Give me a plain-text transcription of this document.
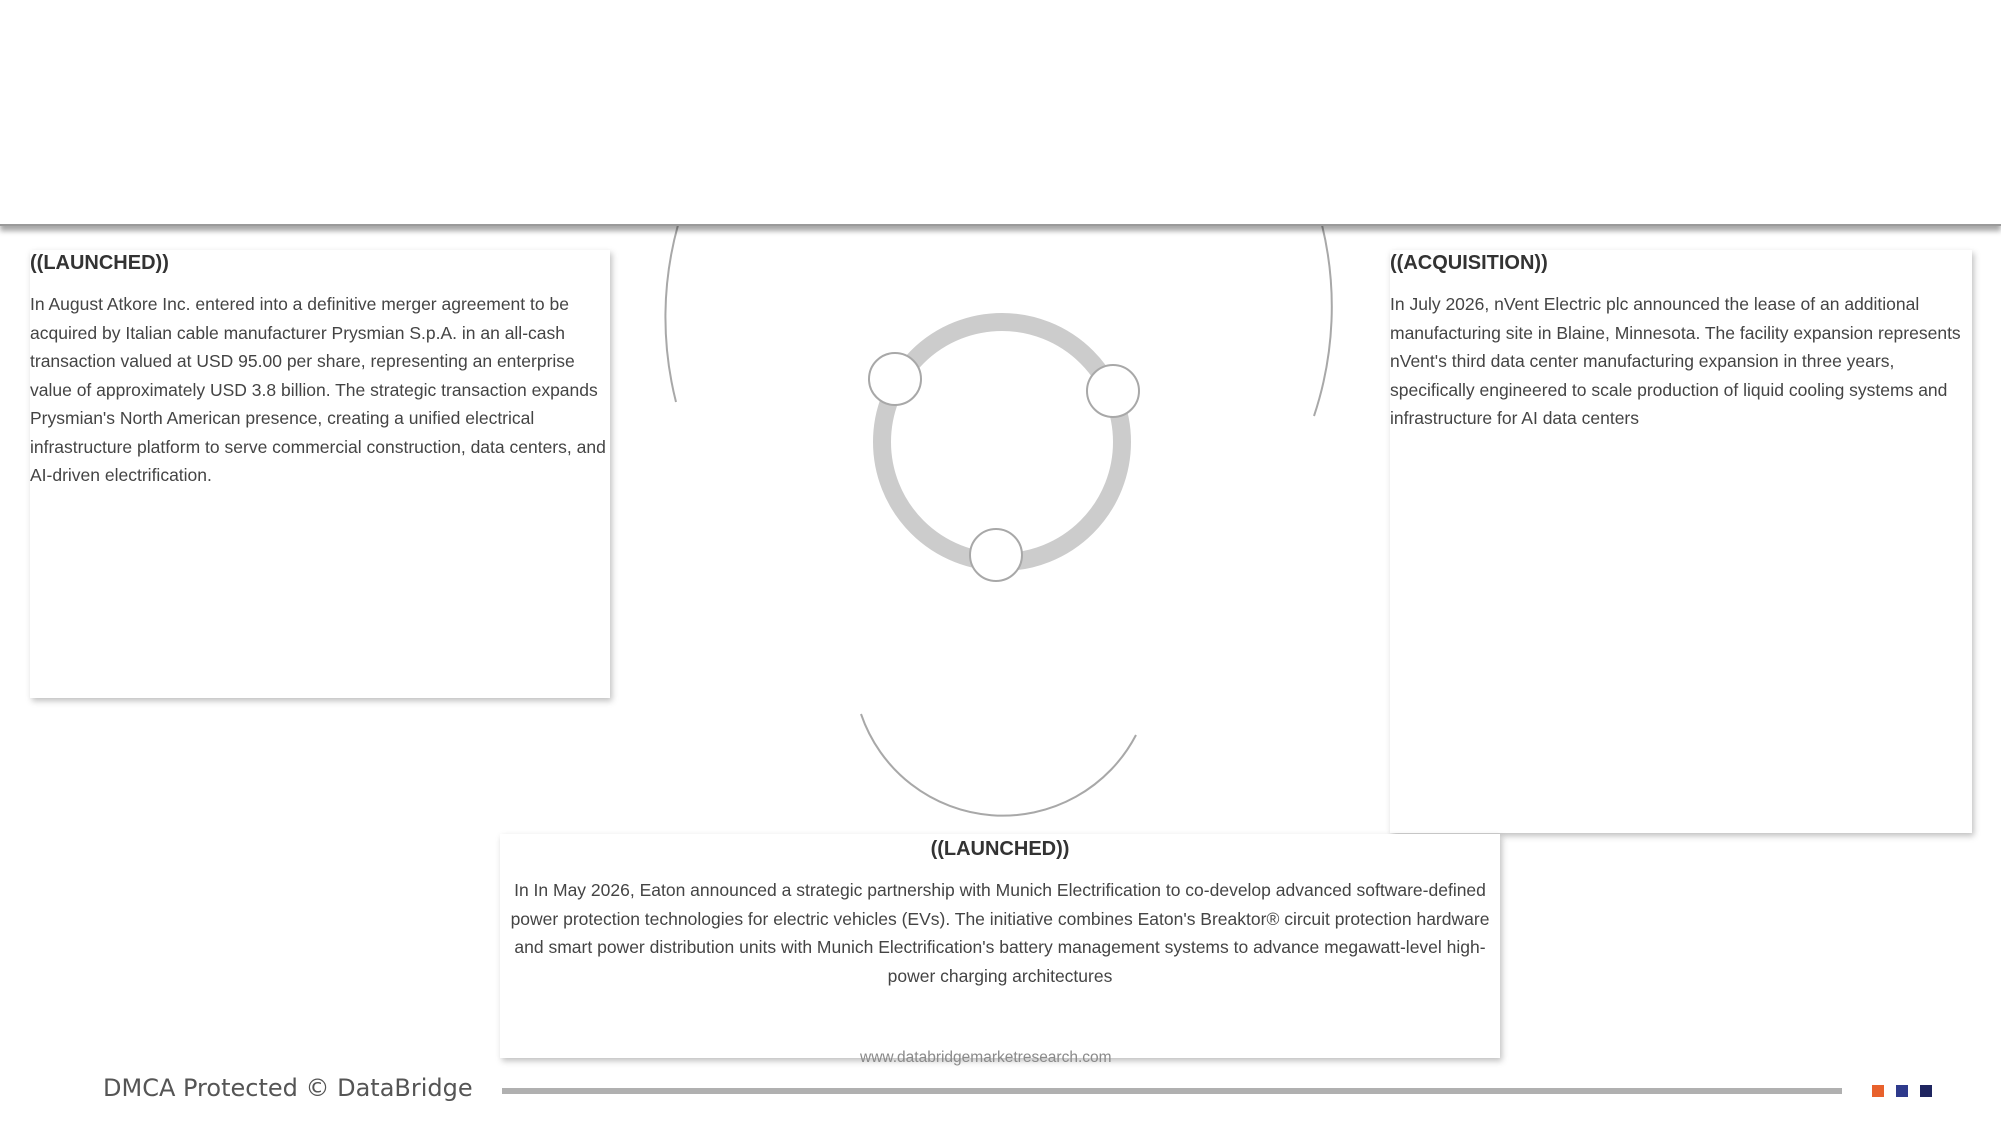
((LAUNCHED))

In August Atkore Inc. entered into a definitive merger agreement to be acquired by Italian cable manufacturer Prysmian S.p.A. in an all-cash transaction valued at USD 95.00 per share, representing an enterprise value of approximately USD 3.8 billion. The strategic transaction expands Prysmian's North American presence, creating a unified electrical infrastructure platform to serve commercial construction, data centers, and AI-driven electrification.

((ACQUISITION))

In July 2026, nVent Electric plc announced the lease of an additional manufacturing site in Blaine, Minnesota. The facility expansion represents nVent's third data center manufacturing expansion in three years, specifically engineered to scale production of liquid cooling systems and infrastructure for AI data centers

((LAUNCHED))

In In May 2026, Eaton announced a strategic partnership with Munich Electrification to co-develop advanced software-defined power protection technologies for electric vehicles (EVs). The initiative combines Eaton's Breaktor® circuit protection hardware and smart power distribution units with Munich Electrification's battery management systems to advance megawatt-level high-power charging architectures

www.databridgemarketresearch.com
DMCA Protected © DataBridge
